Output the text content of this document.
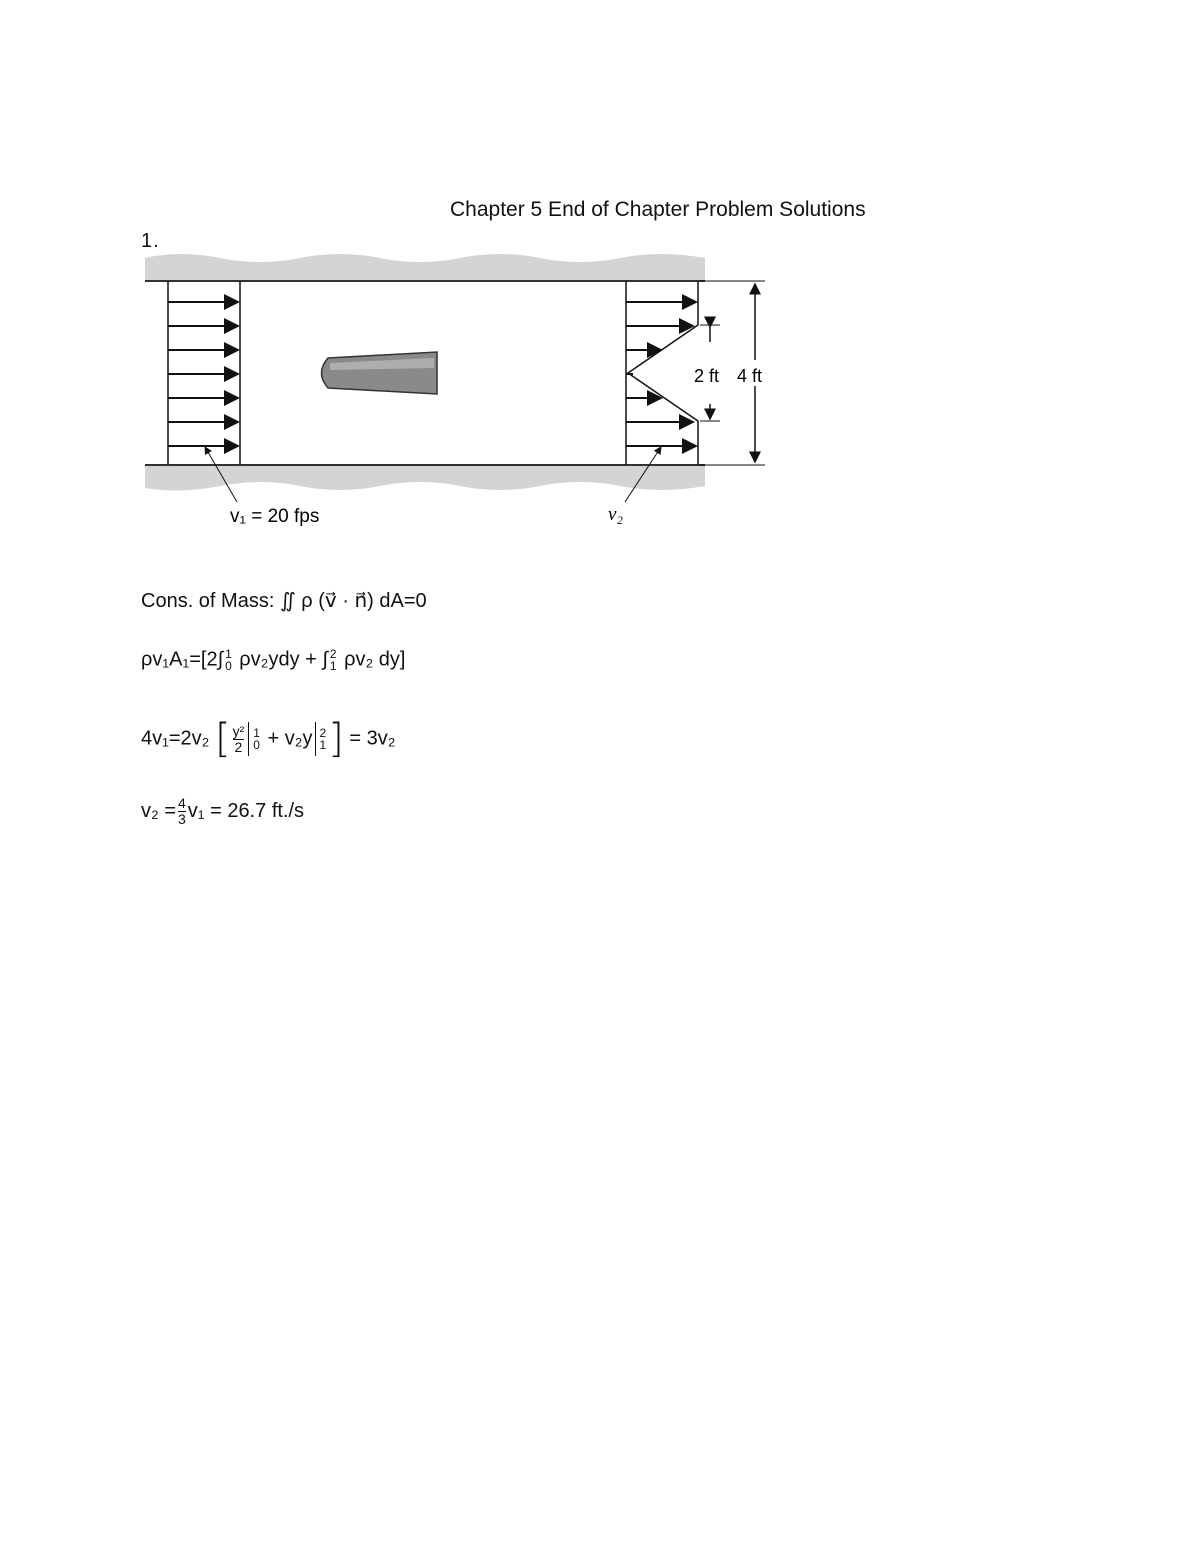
Chapter 5 End of Chapter Problem Solutions
1.
2 ft 4 ft
v₁ = 20 fps	v₂
Cons. of Mass: ∬ ρ (v⃗ · n⃗) dA=0
ρv₁A₁=[2∫ 1
0 ρv₂ydy + ∫ 2
1 ρv₂ dy]
4v₁=2v₂ [ $\frac{\text{y²}}{2} 1$
0 + v₂y 2
1 ] = 3v₂
$v_2 = \frac{4}{3} v_1 = 26.7$ ft./s
